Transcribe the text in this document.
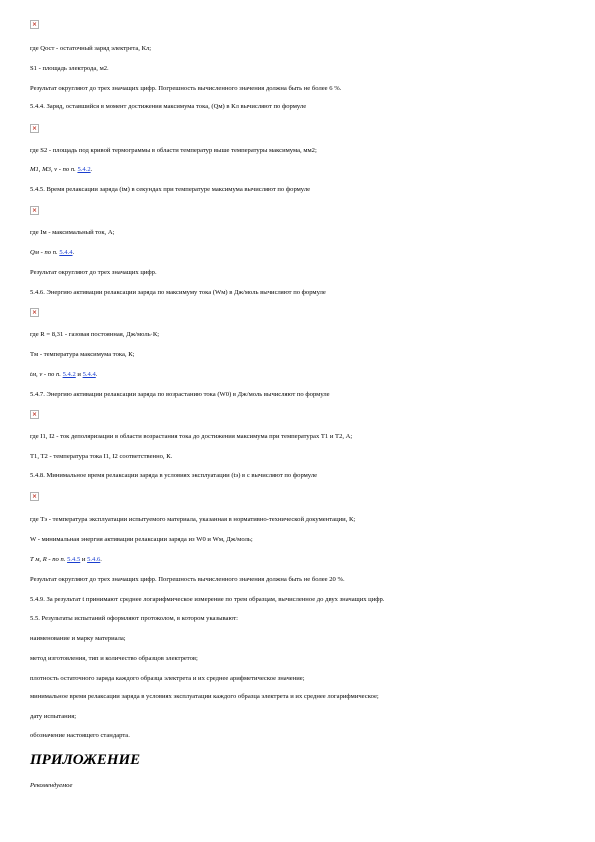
×
где Qост - остаточный заряд электрета, Кл;
S1 - площадь электрода, м2.
Результат округляют до трех значащих цифр. Погрешность вычисленного значения должна быть не более 6 %.
5.4.4. Заряд, оставшийся в момент достижения максимума тока, (Qм) в Кл вычисляют по формуле
×
где S2 - площадь под кривой термограммы в области температур выше температуры максимума, мм2;
M1, M3, v - по п. 5.4.2.
5.4.5. Время релаксации заряда (tм) в секундах при температуре максимума вычисляют по формуле
×
где Iм - максимальный ток, А;
Qм - по п. 5.4.4.
Результат округляют до трех значащих цифр.
5.4.6. Энергию активации релаксации заряда по максимуму тока (Wм) в Дж/моль вычисляют по формуле
×
где R = 8,31 - газовая постоянная, Дж/моль·К;
Tм - температура максимума тока, К;
tм, v - по п. 5.4.2 и 5.4.4.
5.4.7. Энергию активации релаксации заряда по возрастанию тока (W0) в Дж/моль вычисляют по формуле
×
где I1, I2 - ток деполяризации в области возрастания тока до достижения максимума при температурах T1 и T2, А;
T1, T2 - температура тока I1, I2 соответственно, К.
5.4.8. Минимальное время релаксации заряда в условиях эксплуатации (tэ) в с вычисляют по формуле
×
где Tэ - температура эксплуатации испытуемого материала, указанная в нормативно-технической документации, К;
W - минимальная энергия активации релаксации заряда из W0 и Wм, Дж/моль;
T м, R - по п. 5.4.5 и 5.4.6.
Результат округляют до трех значащих цифр. Погрешность вычисленного значения должна быть не более 20 %.
5.4.9. За результат t принимают среднее логарифмическое измерение по трем образцам, вычисленное до двух значащих цифр.
5.5. Результаты испытаний оформляют протоколом, в котором указывают:
наименование и марку материала;
метод изготовления, тип и количество образцов электретов;
плотность остаточного заряда каждого образца электрета и их среднее арифметическое значение;
минимальное время релаксации заряда в условиях эксплуатации каждого образца электрета и их среднее логарифмическое;
дату испытания;
обозначение настоящего стандарта.
ПРИЛОЖЕНИЕ
Рекомендуемое
